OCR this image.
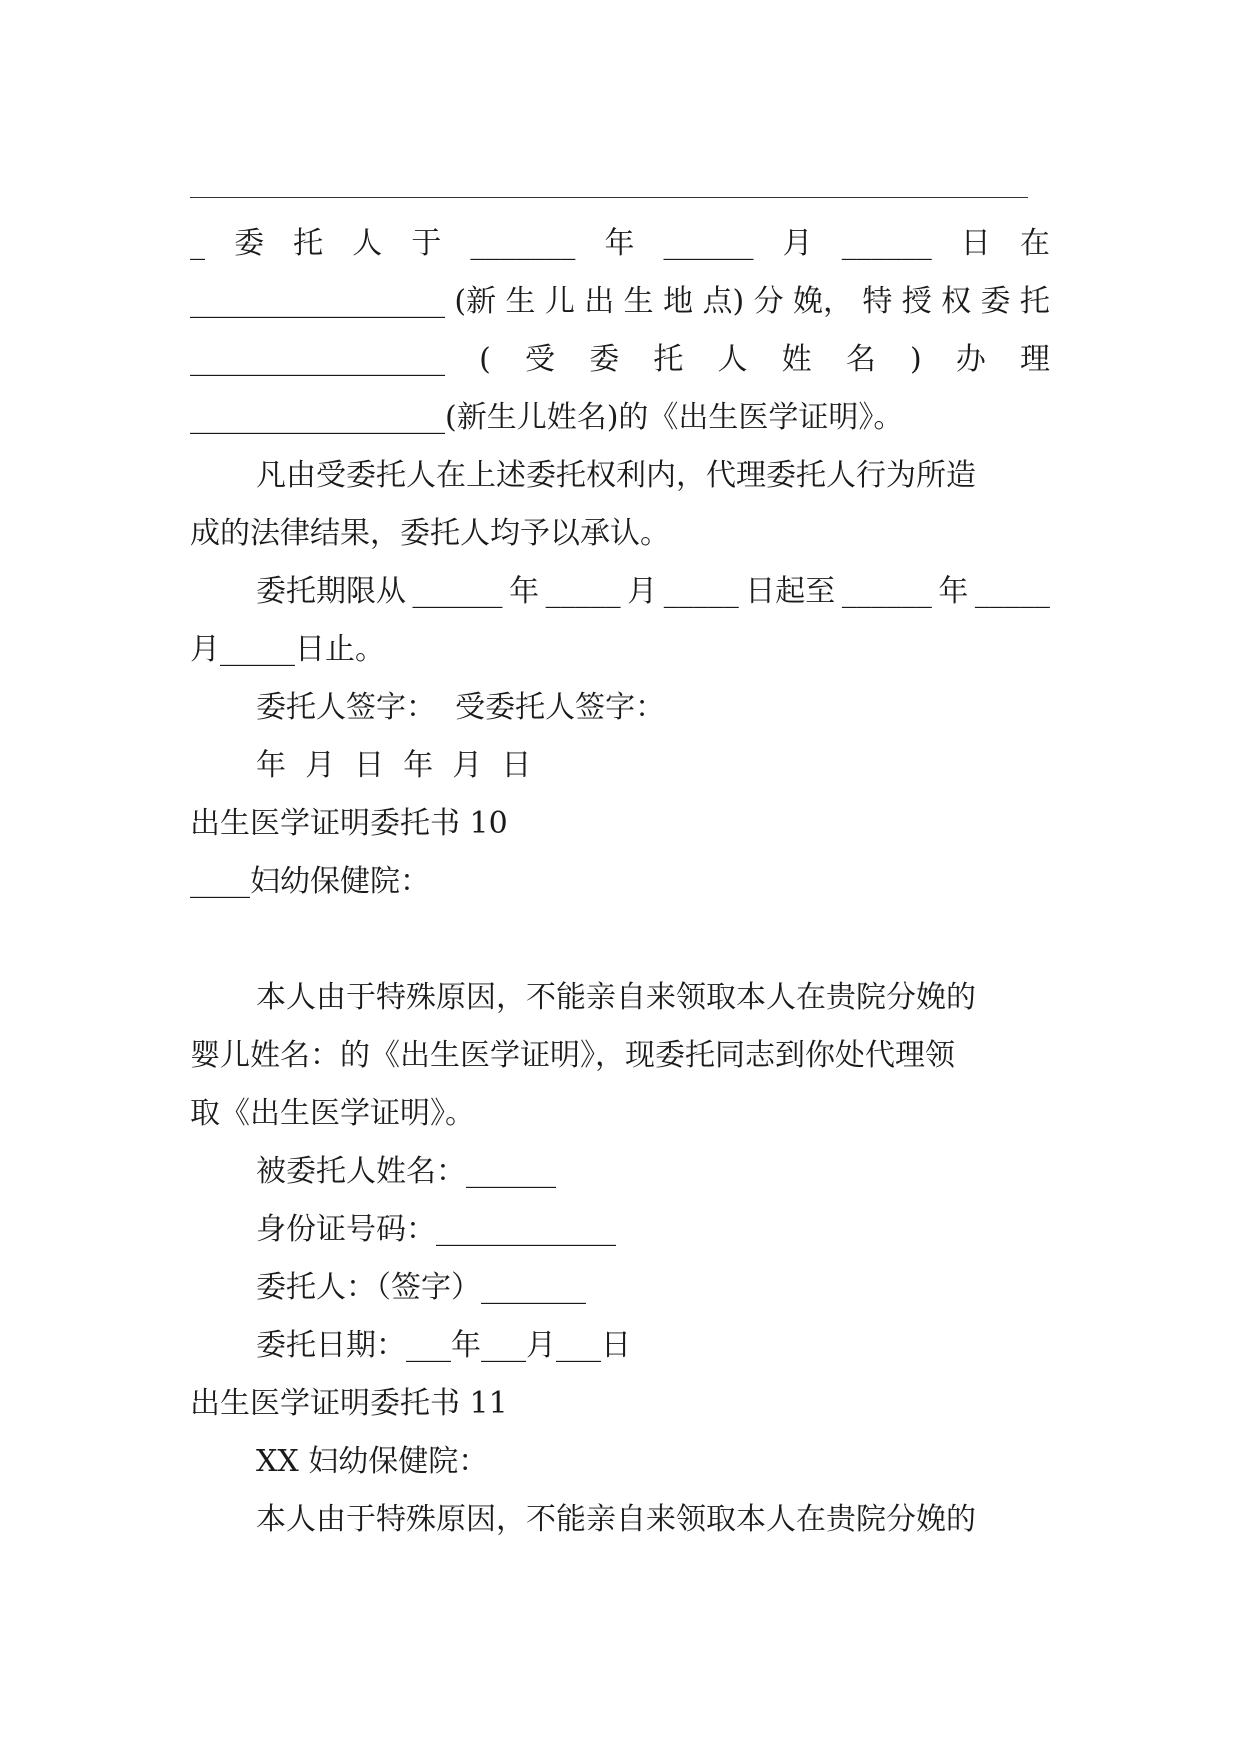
_ 委 托 人 于 _______ 年 ______ 月 ______ 日 在
_________________ (新 生 儿 出 生 地 点) 分 娩， 特 授 权 委 托
_________________ ( 受 委 托 人 姓 名 ) 办 理
_________________(新生儿姓名)的《出生医学证明》。
凡由受委托人在上述委托权利内，代理委托人行为所造
成的法律结果，委托人均予以承认。
委托期限从 ______ 年 _____ 月 _____ 日起至 ______ 年 _____
月_____日止。
委托人签字：  受委托人签字：
年  月  日  年  月  日
出生医学证明委托书 10
____妇幼保健院：
本人由于特殊原因，不能亲自来领取本人在贵院分娩的
婴儿姓名：的《出生医学证明》，现委托同志到你处代理领
取《出生医学证明》。
被委托人姓名：______
身份证号码：____________
委托人：（签字）_______
委托日期：___年___月___日
出生医学证明委托书 11
XX 妇幼保健院：
本人由于特殊原因，不能亲自来领取本人在贵院分娩的
